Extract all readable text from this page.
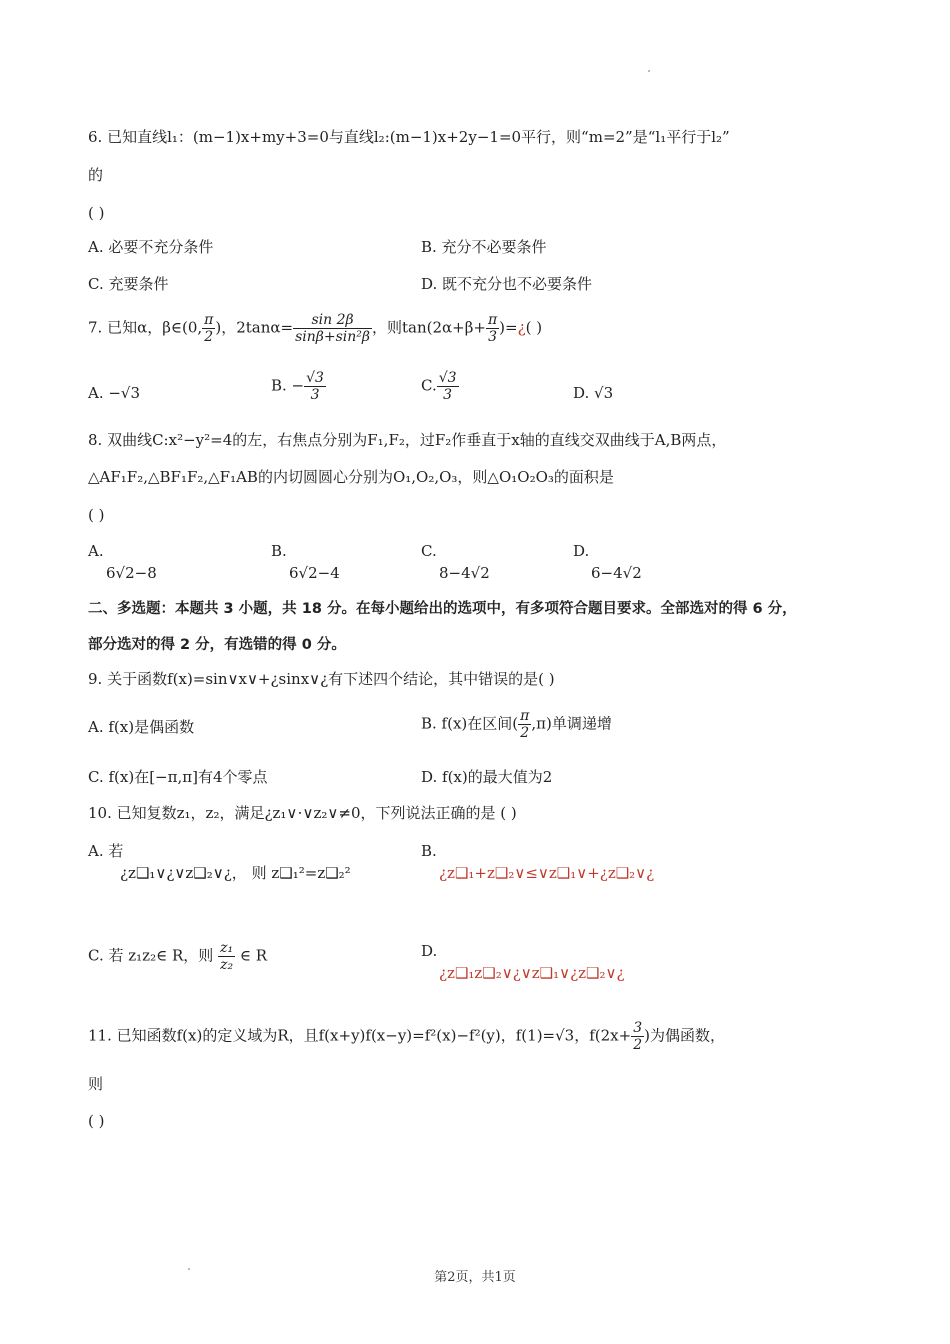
6. 已知直线l₁：(m−1)x+my+3=0与直线l₂:(m−1)x+2y−1=0平行，则“m=2”是“l₁平行于l₂”
的
( )
A. 必要不充分条件	B. 充分不必要条件
C. 充要条件	D. 既不充分也不必要条件
7. 已知α，β∈(0, $\frac{\pi}{2}$ )，$2\tan\alpha= \frac{\sin 2\beta}{\text{sinβ+sin²β}}$ ，则$\tan(2\alpha+\beta+ \frac{\pi}{3}$ )=¿( )
A. −√3	B. − $\frac{√3}{3}$	C. $\frac{√3}{3}$	D. √3
8. 双曲线C:x²−y²=4的左，右焦点分别为F₁,F₂，过F₂作垂直于x轴的直线交双曲线于A,B两点，
△AF₁F₂,△BF₁F₂,△F₁AB的内切圆圆心分别为O₁,O₂,O₃，则△O₁O₂O₃的面积是
( )
A.
6√2−8
B.
6√2−4
C.
8−4√2
D.
6−4√2
二、多选题：本题共 3 小题，共 18 分。在每小题给出的选项中，有多项符合题目要求。全部选对的得 6 分，
部分选对的得 2 分，有选错的得 0 分。
9. 关于函数f(x)=sin∨x∨+¿sinx∨¿有下述四个结论，其中错误的是( )
A. f(x)是偶函数	B. f(x)在区间( $\frac{\pi}{2} ,\pi$)单调递增
C. f(x)在[−π,π]有4个零点	D. f(x)的最大值为2
10. 已知复数z₁，z₂，满足¿z₁∨⋅∨z₂∨≠0，下列说法正确的是 ( )
A. 若
¿z❑₁∨¿∨z❑₂∨¿， 则 z❑₁²=z❑₂²
B.
¿z❑₁+z❑₂∨≤∨z❑₁∨+¿z❑₂∨¿
C. 若 z₁z₂∈ R，则 $\frac{\text{z₁}}{\text{z₂}}$ ∈ R	D.
¿z❑₁z❑₂∨¿∨z❑₁∨¿z❑₂∨¿
11. 已知函数f(x)的定义域为R，且f(x+y)f(x−y)=f²(x)−f²(y)，f(1)=√3，$f(2x+ \frac{3}{2}$ )为偶函数，
则
( )
第2页，共1页
